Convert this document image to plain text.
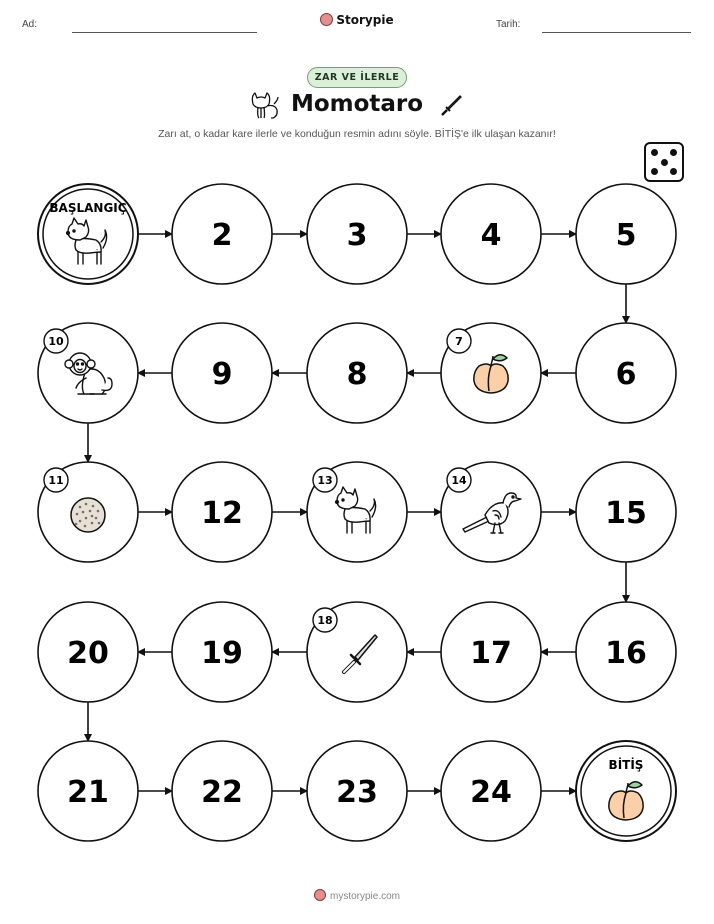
Ad:	Storypie	Tarih:
ZAR VE İLERLE
Momotaro
Zarı at, o kadar kare ilerle ve konduğun resmin adını söyle. BİTİŞ'e ilk ulaşan kazanır!
BAŞLANGIÇ
2	3	4	5
6
7
8
9
10
11
12
13	14
15
16
17
18
19
20
21	22	23	24
BİTİŞ
mystorypie.com
